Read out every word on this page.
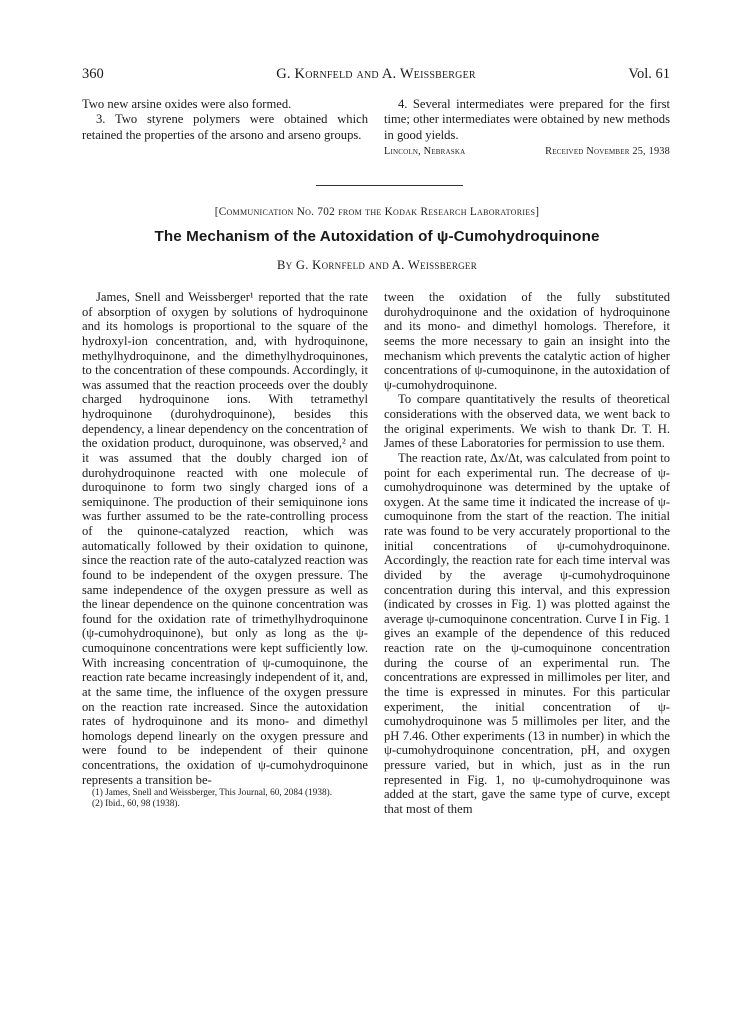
360	G. Kornfeld and A. Weissberger	Vol. 61

Two new arsine oxides were also formed.

3. Two styrene polymers were obtained which retained the properties of the arsono and arseno groups.

4. Several intermediates were prepared for the first time; other intermediates were obtained by new methods in good yields.

Lincoln, Nebraska	Received November 25, 1938
[Communication No. 702 from the Kodak Research Laboratories]
The Mechanism of the Autoxidation of ψ-Cumohydroquinone
By G. Kornfeld and A. Weissberger

James, Snell and Weissberger¹ reported that the rate of absorption of oxygen by solutions of hydroquinone and its homologs is proportional to the square of the hydroxyl-ion concentration, and, with hydroquinone, methylhydroquinone, and the dimethylhydroquinones, to the concentration of these compounds. Accordingly, it was assumed that the reaction proceeds over the doubly charged hydroquinone ions. With tetramethyl hydroquinone (durohydroquinone), besides this dependency, a linear dependency on the concentration of the oxidation product, duroquinone, was observed,² and it was assumed that the doubly charged ion of durohydroquinone reacted with one molecule of duroquinone to form two singly charged ions of a semiquinone. The production of their semiquinone ions was further assumed to be the rate-controlling process of the quinone-catalyzed reaction, which was automatically followed by their oxidation to quinone, since the reaction rate of the auto-catalyzed reaction was found to be independent of the oxygen pressure. The same independence of the oxygen pressure as well as the linear dependence on the quinone concentration was found for the oxidation rate of trimethylhydroquinone (ψ-cumohydroquinone), but only as long as the ψ-cumoquinone concentrations were kept sufficiently low. With increasing concentration of ψ-cumoquinone, the reaction rate became increasingly independent of it, and, at the same time, the influence of the oxygen pressure on the reaction rate increased. Since the autoxidation rates of hydroquinone and its mono- and dimethyl homologs depend linearly on the oxygen pressure and were found to be independent of their quinone concentrations, the oxidation of ψ-cumohydroquinone represents a transition be-

(1) James, Snell and Weissberger, This Journal, 60, 2084 (1938).

(2) Ibid., 60, 98 (1938).

tween the oxidation of the fully substituted durohydroquinone and the oxidation of hydroquinone and its mono- and dimethyl homologs. Therefore, it seems the more necessary to gain an insight into the mechanism which prevents the catalytic action of higher concentrations of ψ-cumoquinone, in the autoxidation of ψ-cumohydroquinone.

To compare quantitatively the results of theoretical considerations with the observed data, we went back to the original experiments. We wish to thank Dr. T. H. James of these Laboratories for permission to use them.

The reaction rate, Δx/Δt, was calculated from point to point for each experimental run. The decrease of ψ-cumohydroquinone was determined by the uptake of oxygen. At the same time it indicated the increase of ψ-cumoquinone from the start of the reaction. The initial rate was found to be very accurately proportional to the initial concentrations of ψ-cumohydroquinone. Accordingly, the reaction rate for each time interval was divided by the average ψ-cumohydroquinone concentration during this interval, and this expression (indicated by crosses in Fig. 1) was plotted against the average ψ-cumoquinone concentration. Curve I in Fig. 1 gives an example of the dependence of this reduced reaction rate on the ψ-cumoquinone concentration during the course of an experimental run. The concentrations are expressed in millimoles per liter, and the time is expressed in minutes. For this particular experiment, the initial concentration of ψ-cumohydroquinone was 5 millimoles per liter, and the pH 7.46. Other experiments (13 in number) in which the ψ-cumohydroquinone concentration, pH, and oxygen pressure varied, but in which, just as in the run represented in Fig. 1, no ψ-cumohydroquinone was added at the start, gave the same type of curve, except that most of them
